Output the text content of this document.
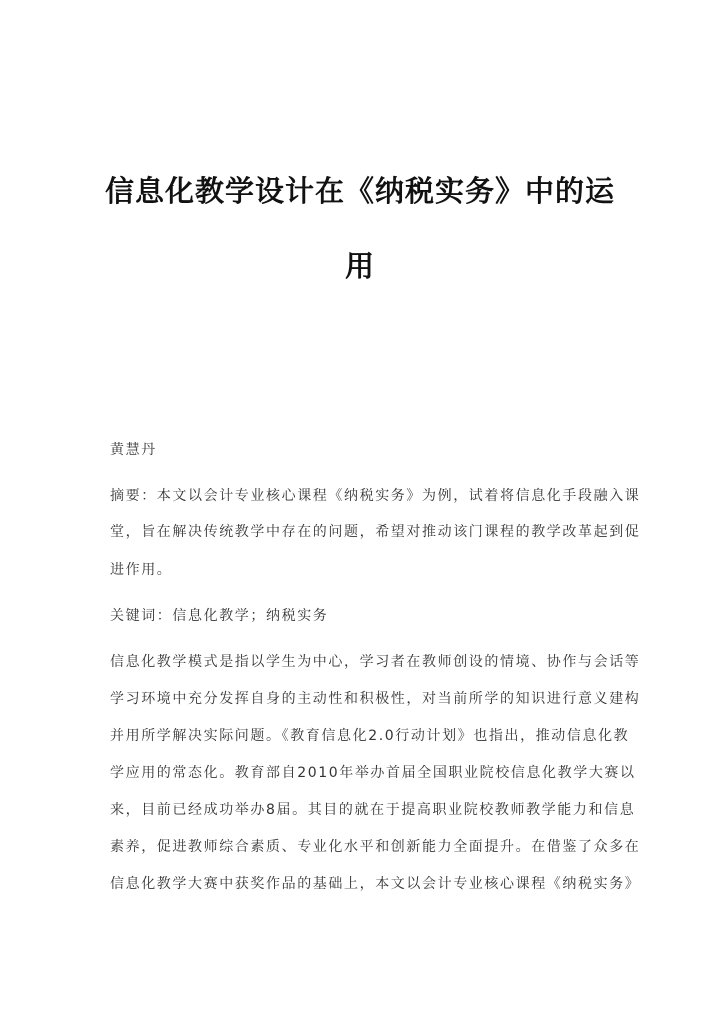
信息化教学设计在《纳税实务》中的运
用
黄慧丹
摘要：本文以会计专业核心课程《纳税实务》为例，试着将信息化手段融入课
堂，旨在解决传统教学中存在的问题，希望对推动该门课程的教学改革起到促
进作用。
关键词：信息化教学；纳税实务
信息化教学模式是指以学生为中心，学习者在教师创设的情境、协作与会话等
学习环境中充分发挥自身的主动性和积极性，对当前所学的知识进行意义建构
并用所学解决实际问题。《教育信息化2.0行动计划》也指出，推动信息化教
学应用的常态化。教育部自2010年举办首届全国职业院校信息化教学大赛以
来，目前已经成功举办8届。其目的就在于提高职业院校教师教学能力和信息
素养，促进教师综合素质、专业化水平和创新能力全面提升。在借鉴了众多在
信息化教学大赛中获奖作品的基础上，本文以会计专业核心课程《纳税实务》
